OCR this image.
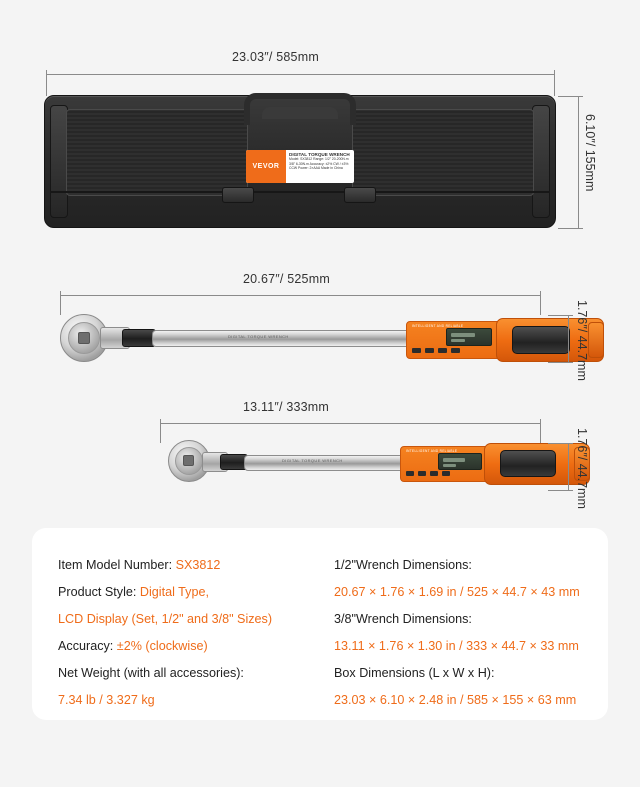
23.03″/ 585mm
VEVOR
DIGITAL TORQUE WRENCH
Model: SX3812 Range: 1/2" 20-200N.m 3/8" 6-30N.m Accuracy: ±2% CW / ±3% CCW Power: 2×AAA Made in China	6.10″/ 155mm
20.67″/ 525mm
DIGITAL TORQUE WRENCH
INTELLIGENT AND RELIABLE	1.76″/ 44.7mm
13.11″/ 333mm
DIGITAL TORQUE WRENCH
INTELLIGENT AND RELIABLE	1.76″/ 44.7mm
Item Model Number: SX3812
Product Style: Digital Type,
LCD Display (Set, 1/2" and 3/8" Sizes)
Accuracy: ±2% (clockwise)
Net Weight (with all accessories):
7.34 lb / 3.327 kg
1/2"Wrench Dimensions:
20.67 × 1.76 × 1.69 in / 525 × 44.7 × 43 mm
3/8"Wrench Dimensions:
13.11 × 1.76 × 1.30 in / 333 × 44.7 × 33 mm
Box Dimensions (L x W x H):
23.03 × 6.10 × 2.48 in / 585 × 155 × 63 mm
